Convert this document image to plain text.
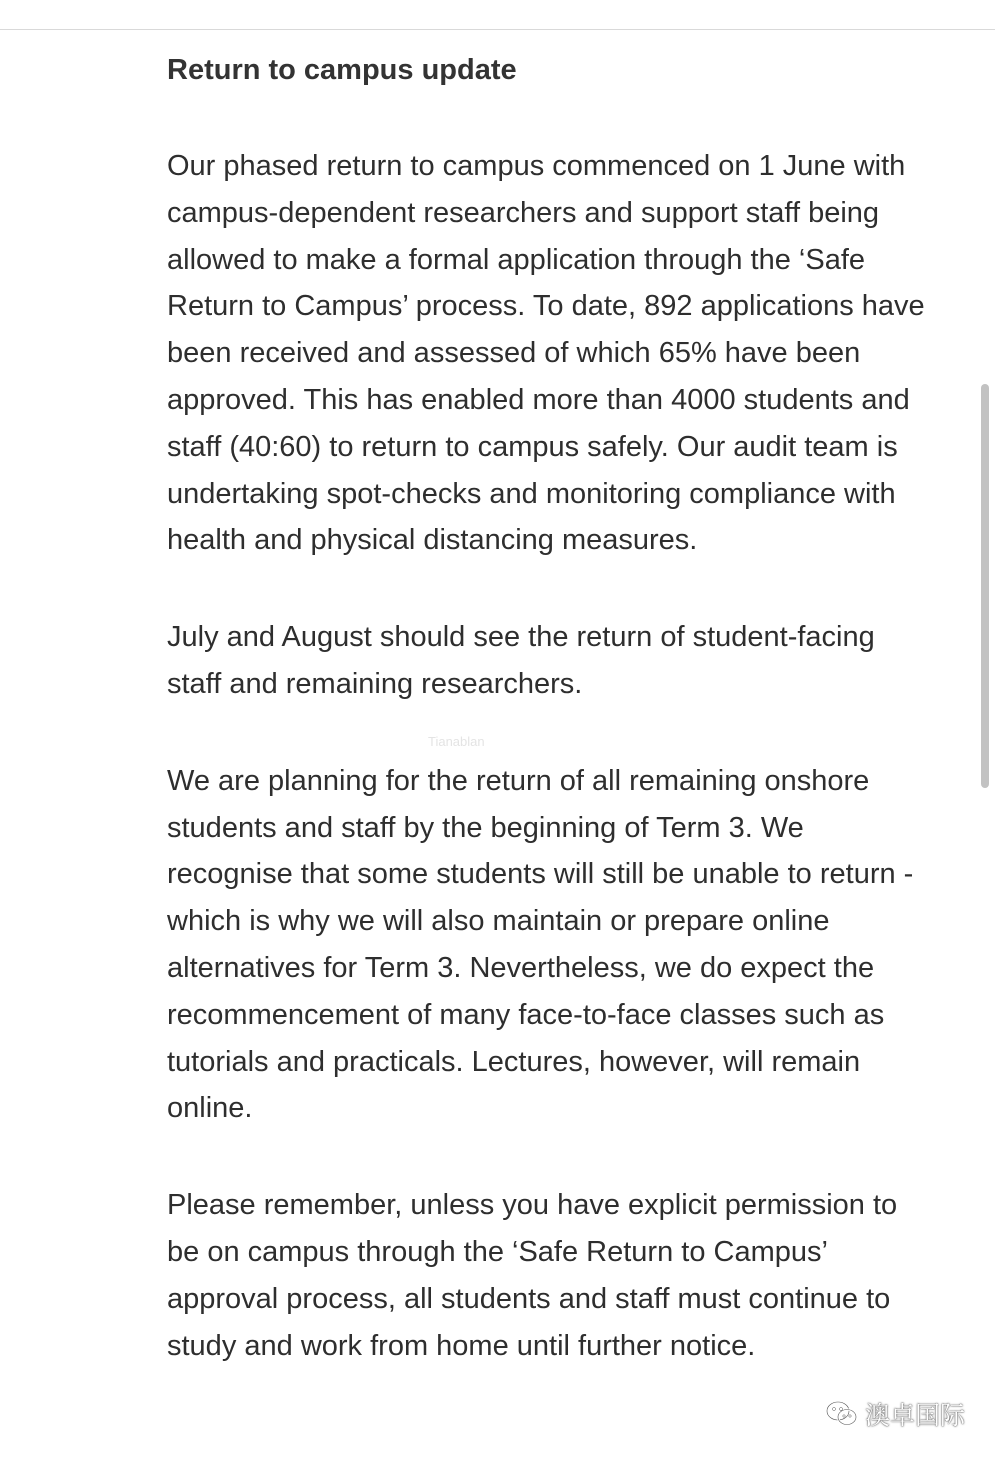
Return to campus update

Our phased return to campus commenced on 1 June with campus-dependent researchers and support staff being allowed to make a formal application through the ‘Safe Return to Campus’ process. To date, 892 applications have been received and assessed of which 65% have been approved. This has enabled more than 4000 students and staff (40:60) to return to campus safely. Our audit team is undertaking spot-checks and monitoring compliance with health and physical distancing measures.

July and August should see the return of student-facing staff and remaining researchers.

We are planning for the return of all remaining onshore students and staff by the beginning of Term 3. We recognise that some students will still be unable to return - which is why we will also maintain or prepare online alternatives for Term 3. Nevertheless, we do expect the recommencement of many face-to-face classes such as tutorials and practicals. Lectures, however, will remain online.

Please remember, unless you have explicit permission to be on campus through the ‘Safe Return to Campus’ approval process, all students and staff must continue to study and work from home until further notice.

Tianablan
澳卓国际
